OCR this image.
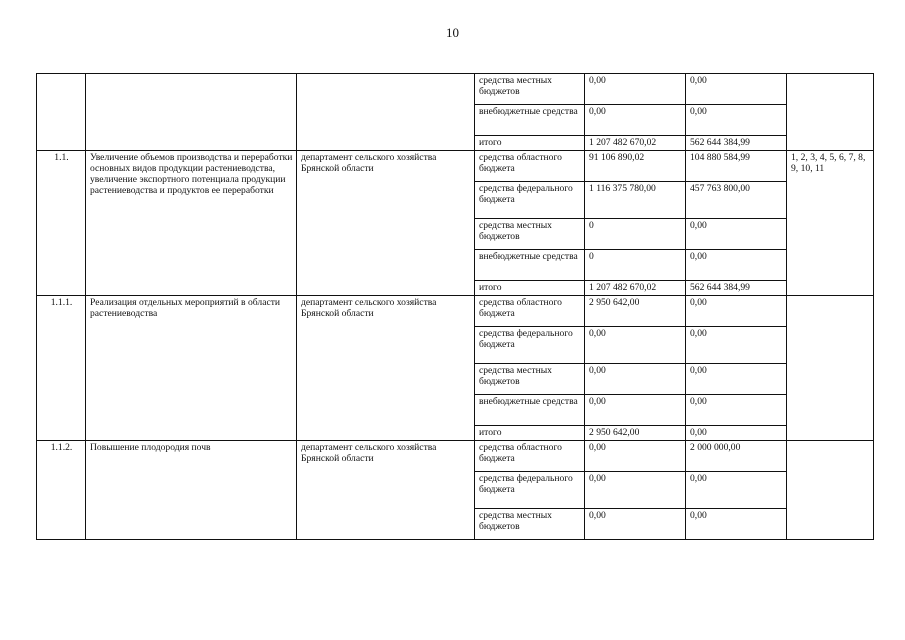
10
			средства местных бюджетов	0,00	0,00	
			внебюджетные средства	0,00	0,00	
			итого	1 207 482 670,02	562 644 384,99	
1.1.	Увеличение объемов производства и переработки основных видов продукции растениеводства, увеличение экспортного потенциала продукции растениеводства и продуктов ее переработки	департамент сельского хозяйства Брянской области	средства областного бюджета	91 106 890,02	104 880 584,99	1, 2, 3, 4, 5, 6, 7, 8, 9, 10, 11
			средства федерального бюджета	1 116 375 780,00	457 763 800,00	
			средства местных бюджетов	0	0,00	
			внебюджетные средства	0	0,00	
			итого	1 207 482 670,02	562 644 384,99	
1.1.1.	Реализация отдельных мероприятий в области растениеводства	департамент сельского хозяйства Брянской области	средства областного бюджета	2 950 642,00	0,00	
			средства федерального бюджета	0,00	0,00	
			средства местных бюджетов	0,00	0,00	
			внебюджетные средства	0,00	0,00	
			итого	2 950 642,00	0,00	
1.1.2.	Повышение плодородия почв	департамент сельского хозяйства Брянской области	средства областного бюджета	0,00	2 000 000,00	
			средства федерального бюджета	0,00	0,00	
			средства местных бюджетов	0,00	0,00	
